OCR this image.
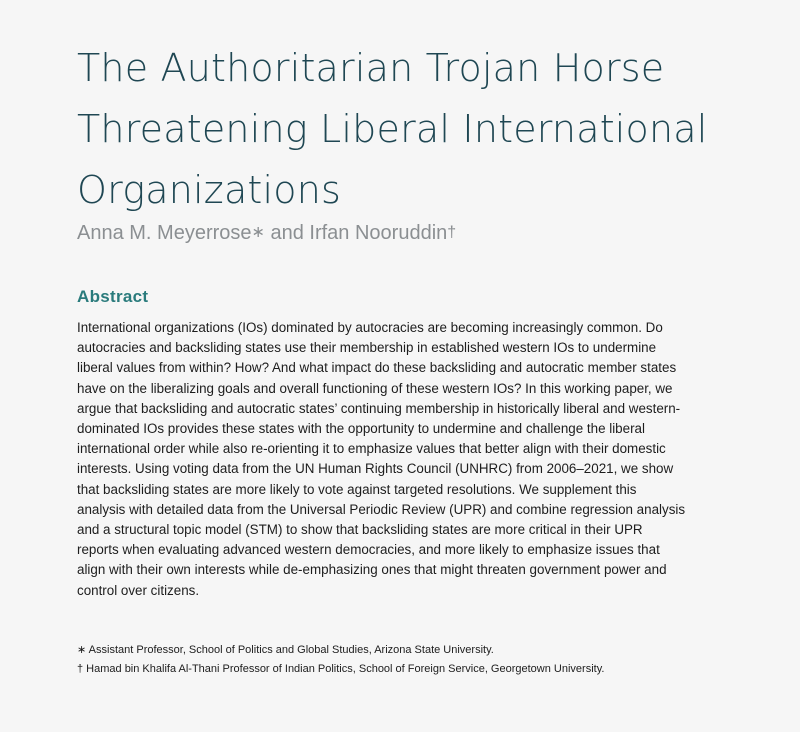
The Authoritarian Trojan Horse
Threatening Liberal International
Organizations
Anna M. Meyerrose∗ and Irfan Nooruddin†
Abstract

International organizations (IOs) dominated by autocracies are becoming increasingly common. Do
autocracies and backsliding states use their membership in established western IOs to undermine
liberal values from within? How? And what impact do these backsliding and autocratic member states
have on the liberalizing goals and overall functioning of these western IOs? In this working paper, we
argue that backsliding and autocratic states’ continuing membership in historically liberal and western-
dominated IOs provides these states with the opportunity to undermine and challenge the liberal
international order while also re-orienting it to emphasize values that better align with their domestic
interests. Using voting data from the UN Human Rights Council (UNHRC) from 2006–2021, we show
that backsliding states are more likely to vote against targeted resolutions. We supplement this
analysis with detailed data from the Universal Periodic Review (UPR) and combine regression analysis
and a structural topic model (STM) to show that backsliding states are more critical in their UPR
reports when evaluating advanced western democracies, and more likely to emphasize issues that
align with their own interests while de-emphasizing ones that might threaten government power and
control over citizens.

∗ Assistant Professor, School of Politics and Global Studies, Arizona State University.
† Hamad bin Khalifa Al-Thani Professor of Indian Politics, School of Foreign Service, Georgetown University.
